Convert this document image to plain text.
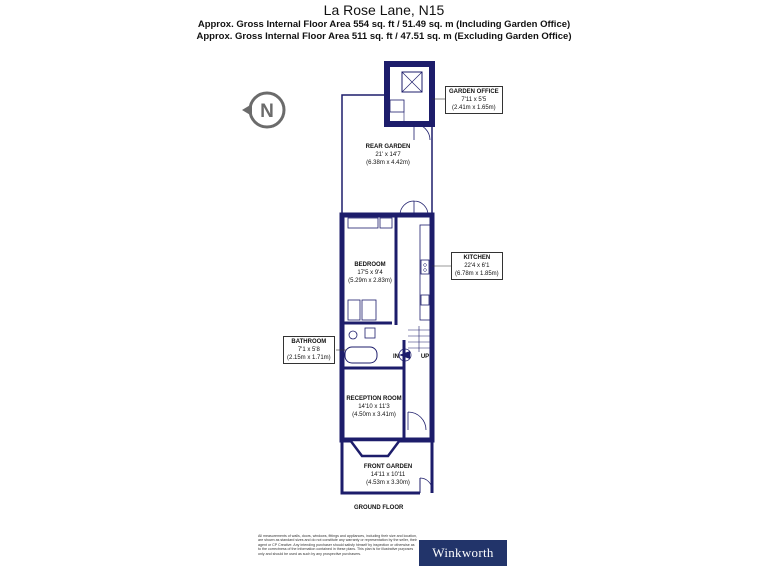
La Rose Lane, N15
Approx. Gross Internal Floor Area 554 sq. ft / 51.49 sq. m (Including Garden Office)
Approx. Gross Internal Floor Area 511 sq. ft / 47.51 sq. m (Excluding Garden Office)
N
REAR GARDEN
21' x 14'7
(6.38m x 4.42m)
BEDROOM
17'5 x 9'4
(5.29m x 2.83m)
RECEPTION ROOM
14'10 x 11'3
(4.50m x 3.41m)
FRONT GARDEN
14'11 x 10'11
(4.53m x 3.30m)
IN	UP
GARDEN OFFICE
7'11 x 5'5
(2.41m x 1.65m)
KITCHEN
22'4 x 6'1
(6.78m x 1.85m)
BATHROOM
7'1 x 5'8
(2.15m x 1.71m)
GROUND FLOOR
All measurements of walls, doors, windows, fittings and appliances, including their size and location, are shown as standard sizes and do not constitute any warranty or representation by the seller, their agent or CP Creative. Any intending purchaser should satisfy himself by inspection or otherwise as to the correctness of the information contained in these plans. This plan is for illustrative purposes only and should be used as such by any prospective purchasers.	Winkworth
